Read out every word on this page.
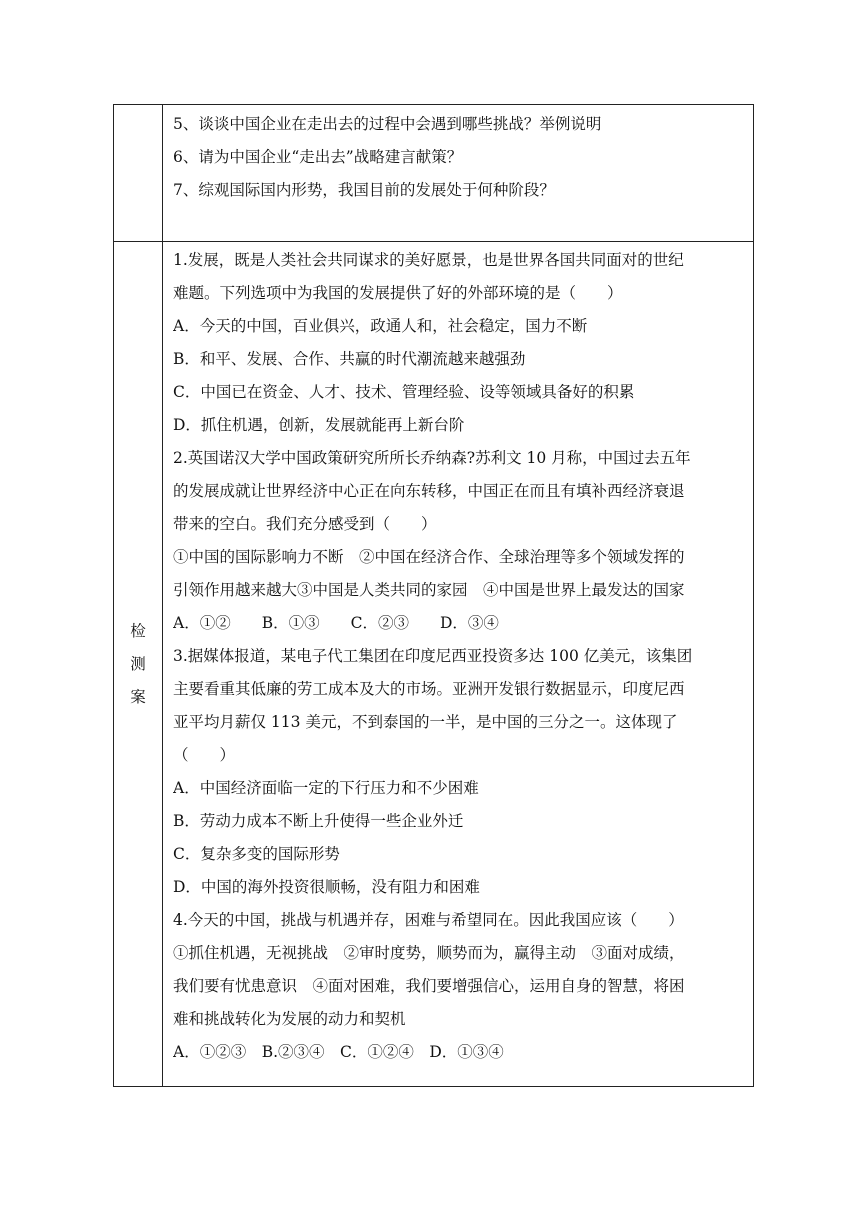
5、谈谈中国企业在走出去的过程中会遇到哪些挑战？举例说明
6、请为中国企业“走出去”战略建言献策？
7、综观国际国内形势，我国目前的发展处于何种阶段？
检
测
案
1.发展，既是人类社会共同谋求的美好愿景，也是世界各国共同面对的世纪
难题。下列选项中为我国的发展提供了好的外部环境的是（　　）
A．今天的中国，百业俱兴，政通人和，社会稳定，国力不断
B．和平、发展、合作、共赢的时代潮流越来越强劲
C．中国已在资金、人才、技术、管理经验、设等领域具备好的积累
D．抓住机遇，创新，发展就能再上新台阶
2.英国诺汉大学中国政策研究所所长乔纳森?苏利文 10 月称，中国过去五年
的发展成就让世界经济中心正在向东转移，中国正在而且有填补西经济衰退
带来的空白。我们充分感受到（　　）
①中国的国际影响力不断　②中国在经济合作、全球治理等多个领域发挥的
引领作用越来越大③中国是人类共同的家园　④中国是世界上最发达的国家
A．①②　　B．①③　　C．②③　　D．③④
3.据媒体报道，某电子代工集团在印度尼西亚投资多达 100 亿美元，该集团
主要看重其低廉的劳工成本及大的市场。亚洲开发银行数据显示，印度尼西
亚平均月薪仅 113 美元，不到泰国的一半，是中国的三分之一。这体现了
（　　）
A．中国经济面临一定的下行压力和不少困难
B．劳动力成本不断上升使得一些企业外迁
C．复杂多变的国际形势
D．中国的海外投资很顺畅，没有阻力和困难
4.今天的中国，挑战与机遇并存，困难与希望同在。因此我国应该（　　）
①抓住机遇，无视挑战　②审时度势，顺势而为，赢得主动　③面对成绩，
我们要有忧患意识　④面对困难，我们要增强信心，运用自身的智慧，将困
难和挑战转化为发展的动力和契机
A．①②③　B.②③④　C．①②④　D．①③④
